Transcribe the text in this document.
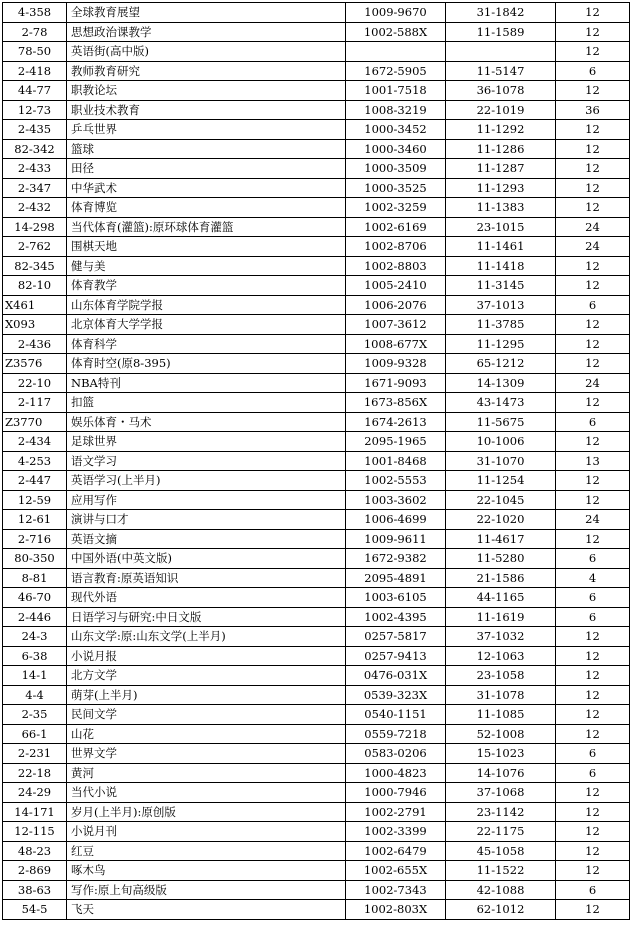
4-358	全球教育展望	1009-9670	31-1842	12
2-78	思想政治课教学	1002-588X	11-1589	12
78-50	英语街(高中版)			12
2-418	教师教育研究	1672-5905	11-5147	6
44-77	职教论坛	1001-7518	36-1078	12
12-73	职业技术教育	1008-3219	22-1019	36
2-435	乒乓世界	1000-3452	11-1292	12
82-342	篮球	1000-3460	11-1286	12
2-433	田径	1000-3509	11-1287	12
2-347	中华武术	1000-3525	11-1293	12
2-432	体育博览	1002-3259	11-1383	12
14-298	当代体育(灌篮):原环球体育灌篮	1002-6169	23-1015	24
2-762	围棋天地	1002-8706	11-1461	24
82-345	健与美	1002-8803	11-1418	12
82-10	体育教学	1005-2410	11-3145	12
X461	山东体育学院学报	1006-2076	37-1013	6
X093	北京体育大学学报	1007-3612	11-3785	12
2-436	体育科学	1008-677X	11-1295	12
Z3576	体育时空(原8-395)	1009-9328	65-1212	12
22-10	NBA特刊	1671-9093	14-1309	24
2-117	扣篮	1673-856X	43-1473	12
Z3770	娱乐体育・马术	1674-2613	11-5675	6
2-434	足球世界	2095-1965	10-1006	12
4-253	语文学习	1001-8468	31-1070	13
2-447	英语学习(上半月)	1002-5553	11-1254	12
12-59	应用写作	1003-3602	22-1045	12
12-61	演讲与口才	1006-4699	22-1020	24
2-716	英语文摘	1009-9611	11-4617	12
80-350	中国外语(中英文版)	1672-9382	11-5280	6
8-81	语言教育:原英语知识	2095-4891	21-1586	4
46-70	现代外语	1003-6105	44-1165	6
2-446	日语学习与研究:中日文版	1002-4395	11-1619	6
24-3	山东文学:原:山东文学(上半月)	0257-5817	37-1032	12
6-38	小说月报	0257-9413	12-1063	12
14-1	北方文学	0476-031X	23-1058	12
4-4	萌芽(上半月)	0539-323X	31-1078	12
2-35	民间文学	0540-1151	11-1085	12
66-1	山花	0559-7218	52-1008	12
2-231	世界文学	0583-0206	15-1023	6
22-18	黄河	1000-4823	14-1076	6
24-29	当代小说	1000-7946	37-1068	12
14-171	岁月(上半月):原创版	1002-2791	23-1142	12
12-115	小说月刊	1002-3399	22-1175	12
48-23	红豆	1002-6479	45-1058	12
2-869	啄木鸟	1002-655X	11-1522	12
38-63	写作:原上旬高级版	1002-7343	42-1088	6
54-5	飞天	1002-803X	62-1012	12
